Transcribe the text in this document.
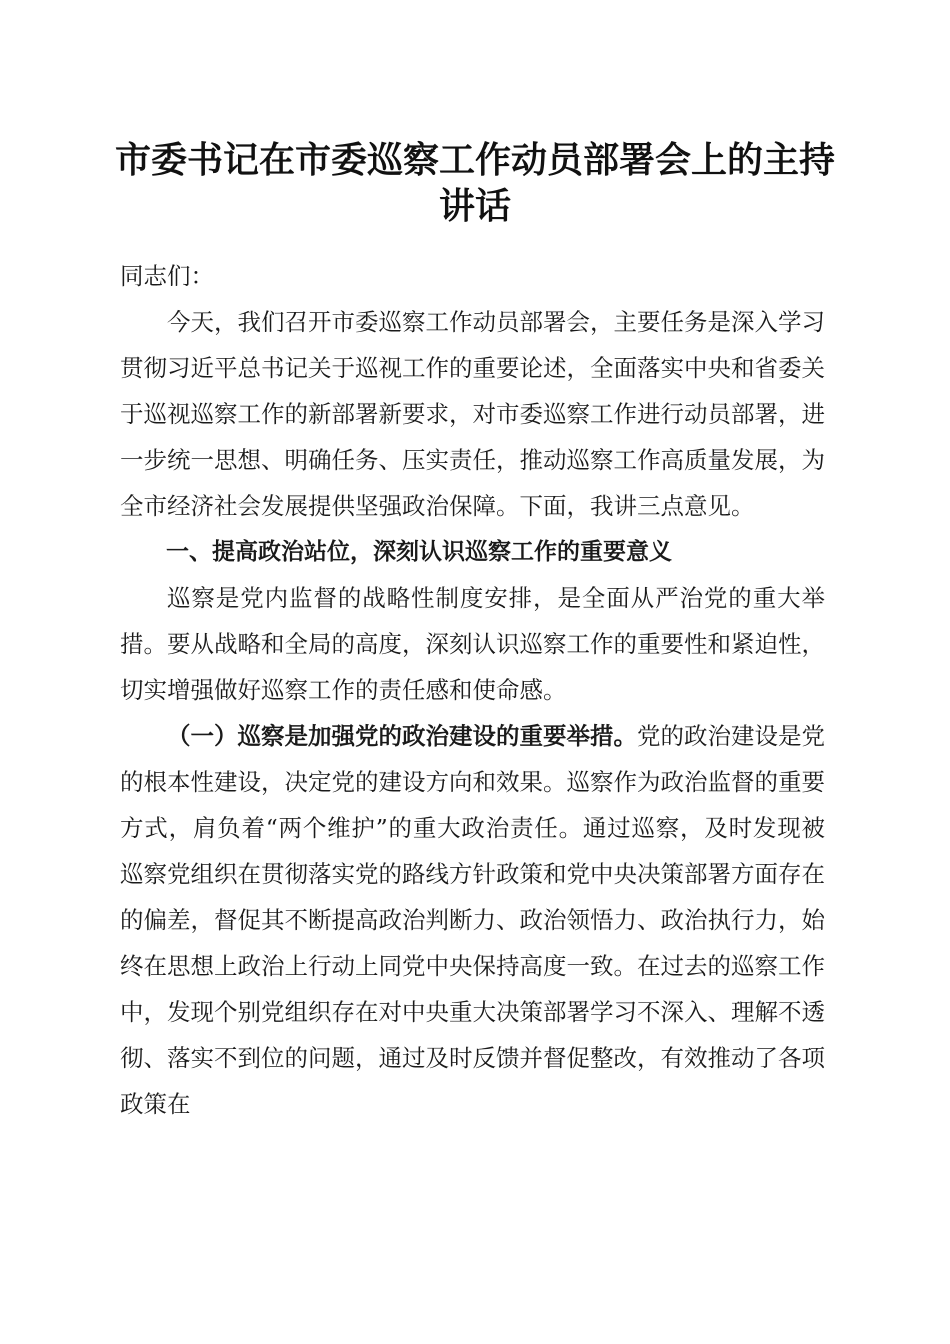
市委书记在市委巡察工作动员部署会上的主持
讲话

同志们：

今天，我们召开市委巡察工作动员部署会，主要任务是深入学习贯彻习近平总书记关于巡视工作的重要论述，全面落实中央和省委关于巡视巡察工作的新部署新要求，对市委巡察工作进行动员部署，进一步统一思想、明确任务、压实责任，推动巡察工作高质量发展，为全市经济社会发展提供坚强政治保障。下面，我讲三点意见。

一、提高政治站位，深刻认识巡察工作的重要意义

巡察是党内监督的战略性制度安排，是全面从严治党的重大举措。要从战略和全局的高度，深刻认识巡察工作的重要性和紧迫性，切实增强做好巡察工作的责任感和使命感。

（一）巡察是加强党的政治建设的重要举措。党的政治建设是党的根本性建设，决定党的建设方向和效果。巡察作为政治监督的重要方式，肩负着“两个维护”的重大政治责任。通过巡察，及时发现被巡察党组织在贯彻落实党的路线方针政策和党中央决策部署方面存在的偏差，督促其不断提高政治判断力、政治领悟力、政治执行力，始终在思想上政治上行动上同党中央保持高度一致。在过去的巡察工作中，发现个别党组织存在对中央重大决策部署学习不深入、理解不透彻、落实不到位的问题，通过及时反馈并督促整改，有效推动了各项政策在
